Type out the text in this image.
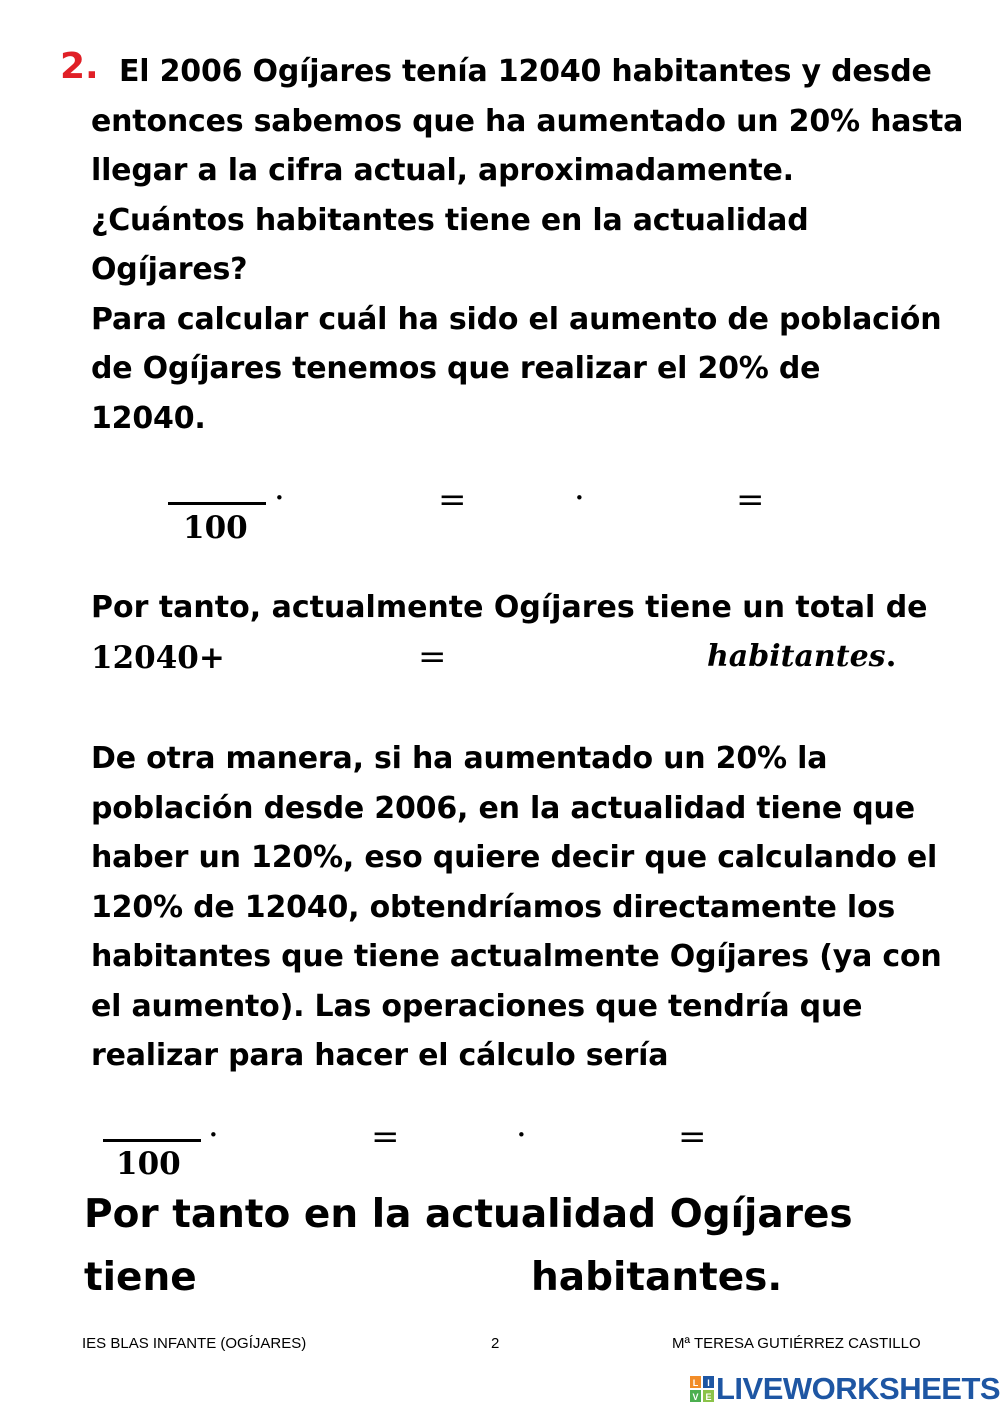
2. El 2006 Ogíjares tenía 12040 habitantes y desde
entonces sabemos que ha aumentado un 20% hasta
llegar a la cifra actual, aproximadamente.
¿Cuántos habitantes tiene en la actualidad
Ogíjares?
Para calcular cuál ha sido el aumento de población
de Ogíjares tenemos que realizar el 20% de
12040.
100
·	=	·	=
Por tanto, actualmente Ogíjares tiene un total de
12040+	=	habitantes.
De otra manera, si ha aumentado un 20% la
población desde 2006, en la actualidad tiene que
haber un 120%, eso quiere decir que calculando el
120% de 12040, obtendríamos directamente los
habitantes que tiene actualmente Ogíjares (ya con
el aumento). Las operaciones que tendría que
realizar para hacer el cálculo sería
100
·	=	·	=
Por tanto en la actualidad Ogíjares
tiene	habitantes.
IES BLAS INFANTE (OGÍJARES)	2	Mª TERESA GUTIÉRREZ CASTILLO
L I
V E LIVEWORKSHEETS
